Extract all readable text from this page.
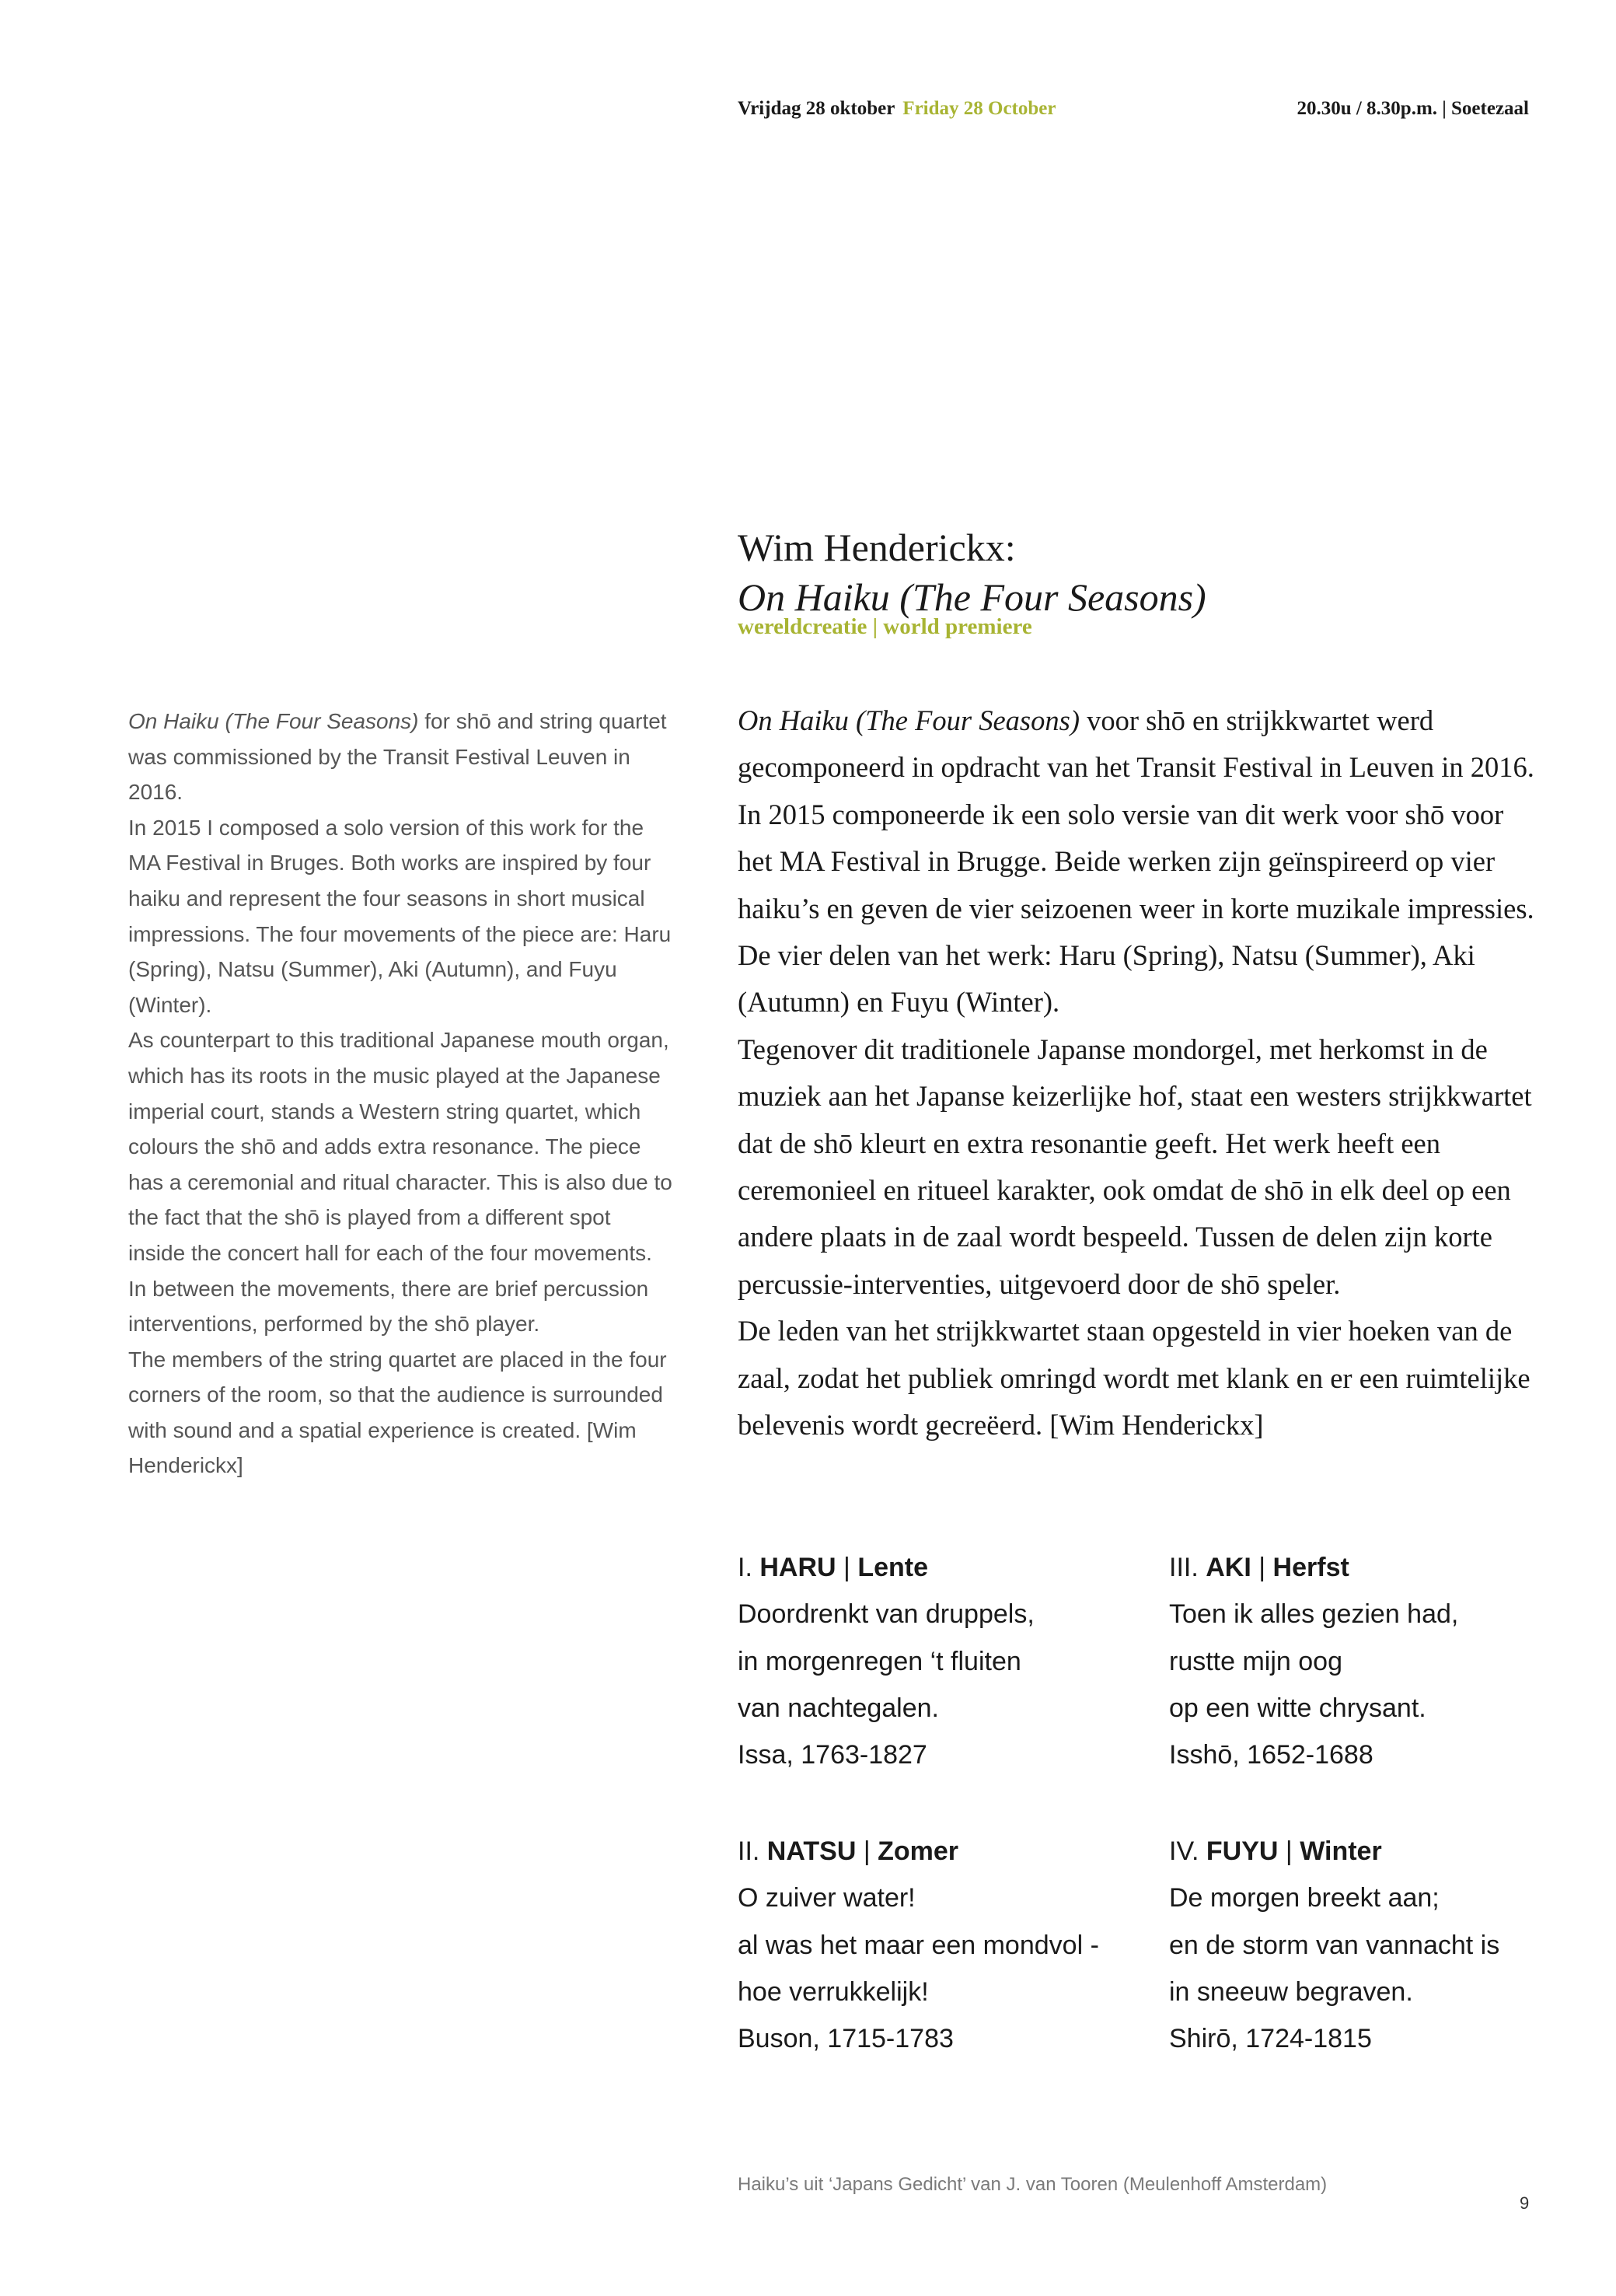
Vrijdag 28 oktober Friday 28 October	20.30u / 8.30p.m. | Soetezaal
Wim Henderickx:
On Haiku (The Four Seasons)
wereldcreatie | world premiere

On Haiku (The Four Seasons) for shō and string quartet was commissioned by the Transit Festival Leuven in 2016.

In 2015 I composed a solo version of this work for the MA Festival in Bruges. Both works are inspired by four haiku and represent the four seasons in short musical impressions. The four movements of the piece are: Haru (Spring), Natsu (Summer), Aki (Autumn), and Fuyu (Winter).

As counterpart to this traditional Japanese mouth organ, which has its roots in the music played at the Japanese imperial court, stands a Western string quartet, which colours the shō and adds extra resonance. The piece has a ceremonial and ritual character. This is also due to the fact that the shō is played from a different spot inside the concert hall for each of the four movements. In between the movements, there are brief percussion interventions, performed by the shō player.

The members of the string quartet are placed in the four corners of the room, so that the audience is surrounded with sound and a spatial experience is created. [Wim Henderickx]

On Haiku (The Four Seasons) voor shō en strijkkwartet werd gecomponeerd in opdracht van het Transit Festival in Leuven in 2016.

In 2015 componeerde ik een solo versie van dit werk voor shō voor het MA Festival in Brugge. Beide werken zijn geïnspireerd op vier haiku’s en geven de vier seizoenen weer in korte muzikale impressies. De vier delen van het werk: Haru (Spring), Natsu (Summer), Aki (Autumn) en Fuyu (Winter).

Tegenover dit traditionele Japanse mondorgel, met herkomst in de muziek aan het Japanse keizerlijke hof, staat een westers strijkkwartet dat de shō kleurt en extra resonantie geeft. Het werk heeft een ceremonieel en ritueel karakter, ook omdat de shō in elk deel op een andere plaats in de zaal wordt bespeeld. Tussen de delen zijn korte percussie-interventies, uitgevoerd door de shō speler.

De leden van het strijkkwartet staan opgesteld in vier hoeken van de zaal, zodat het publiek omringd wordt met klank en er een ruimtelijke belevenis wordt gecreëerd. [Wim Henderickx]

I. HARU | Lente
Doordrenkt van druppels,
in morgenregen ‘t fluiten
van nachtegalen.
Issa, 1763-1827
III. AKI | Herfst
Toen ik alles gezien had,
rustte mijn oog
op een witte chrysant.
Isshō, 1652-1688
II. NATSU | Zomer
O zuiver water!
al was het maar een mondvol -
hoe verrukkelijk!
Buson, 1715-1783
IV. FUYU | Winter
De morgen breekt aan;
en de storm van vannacht is
in sneeuw begraven.
Shirō, 1724-1815
Haiku’s uit ‘Japans Gedicht’ van J. van Tooren (Meulenhoff Amsterdam)
9
